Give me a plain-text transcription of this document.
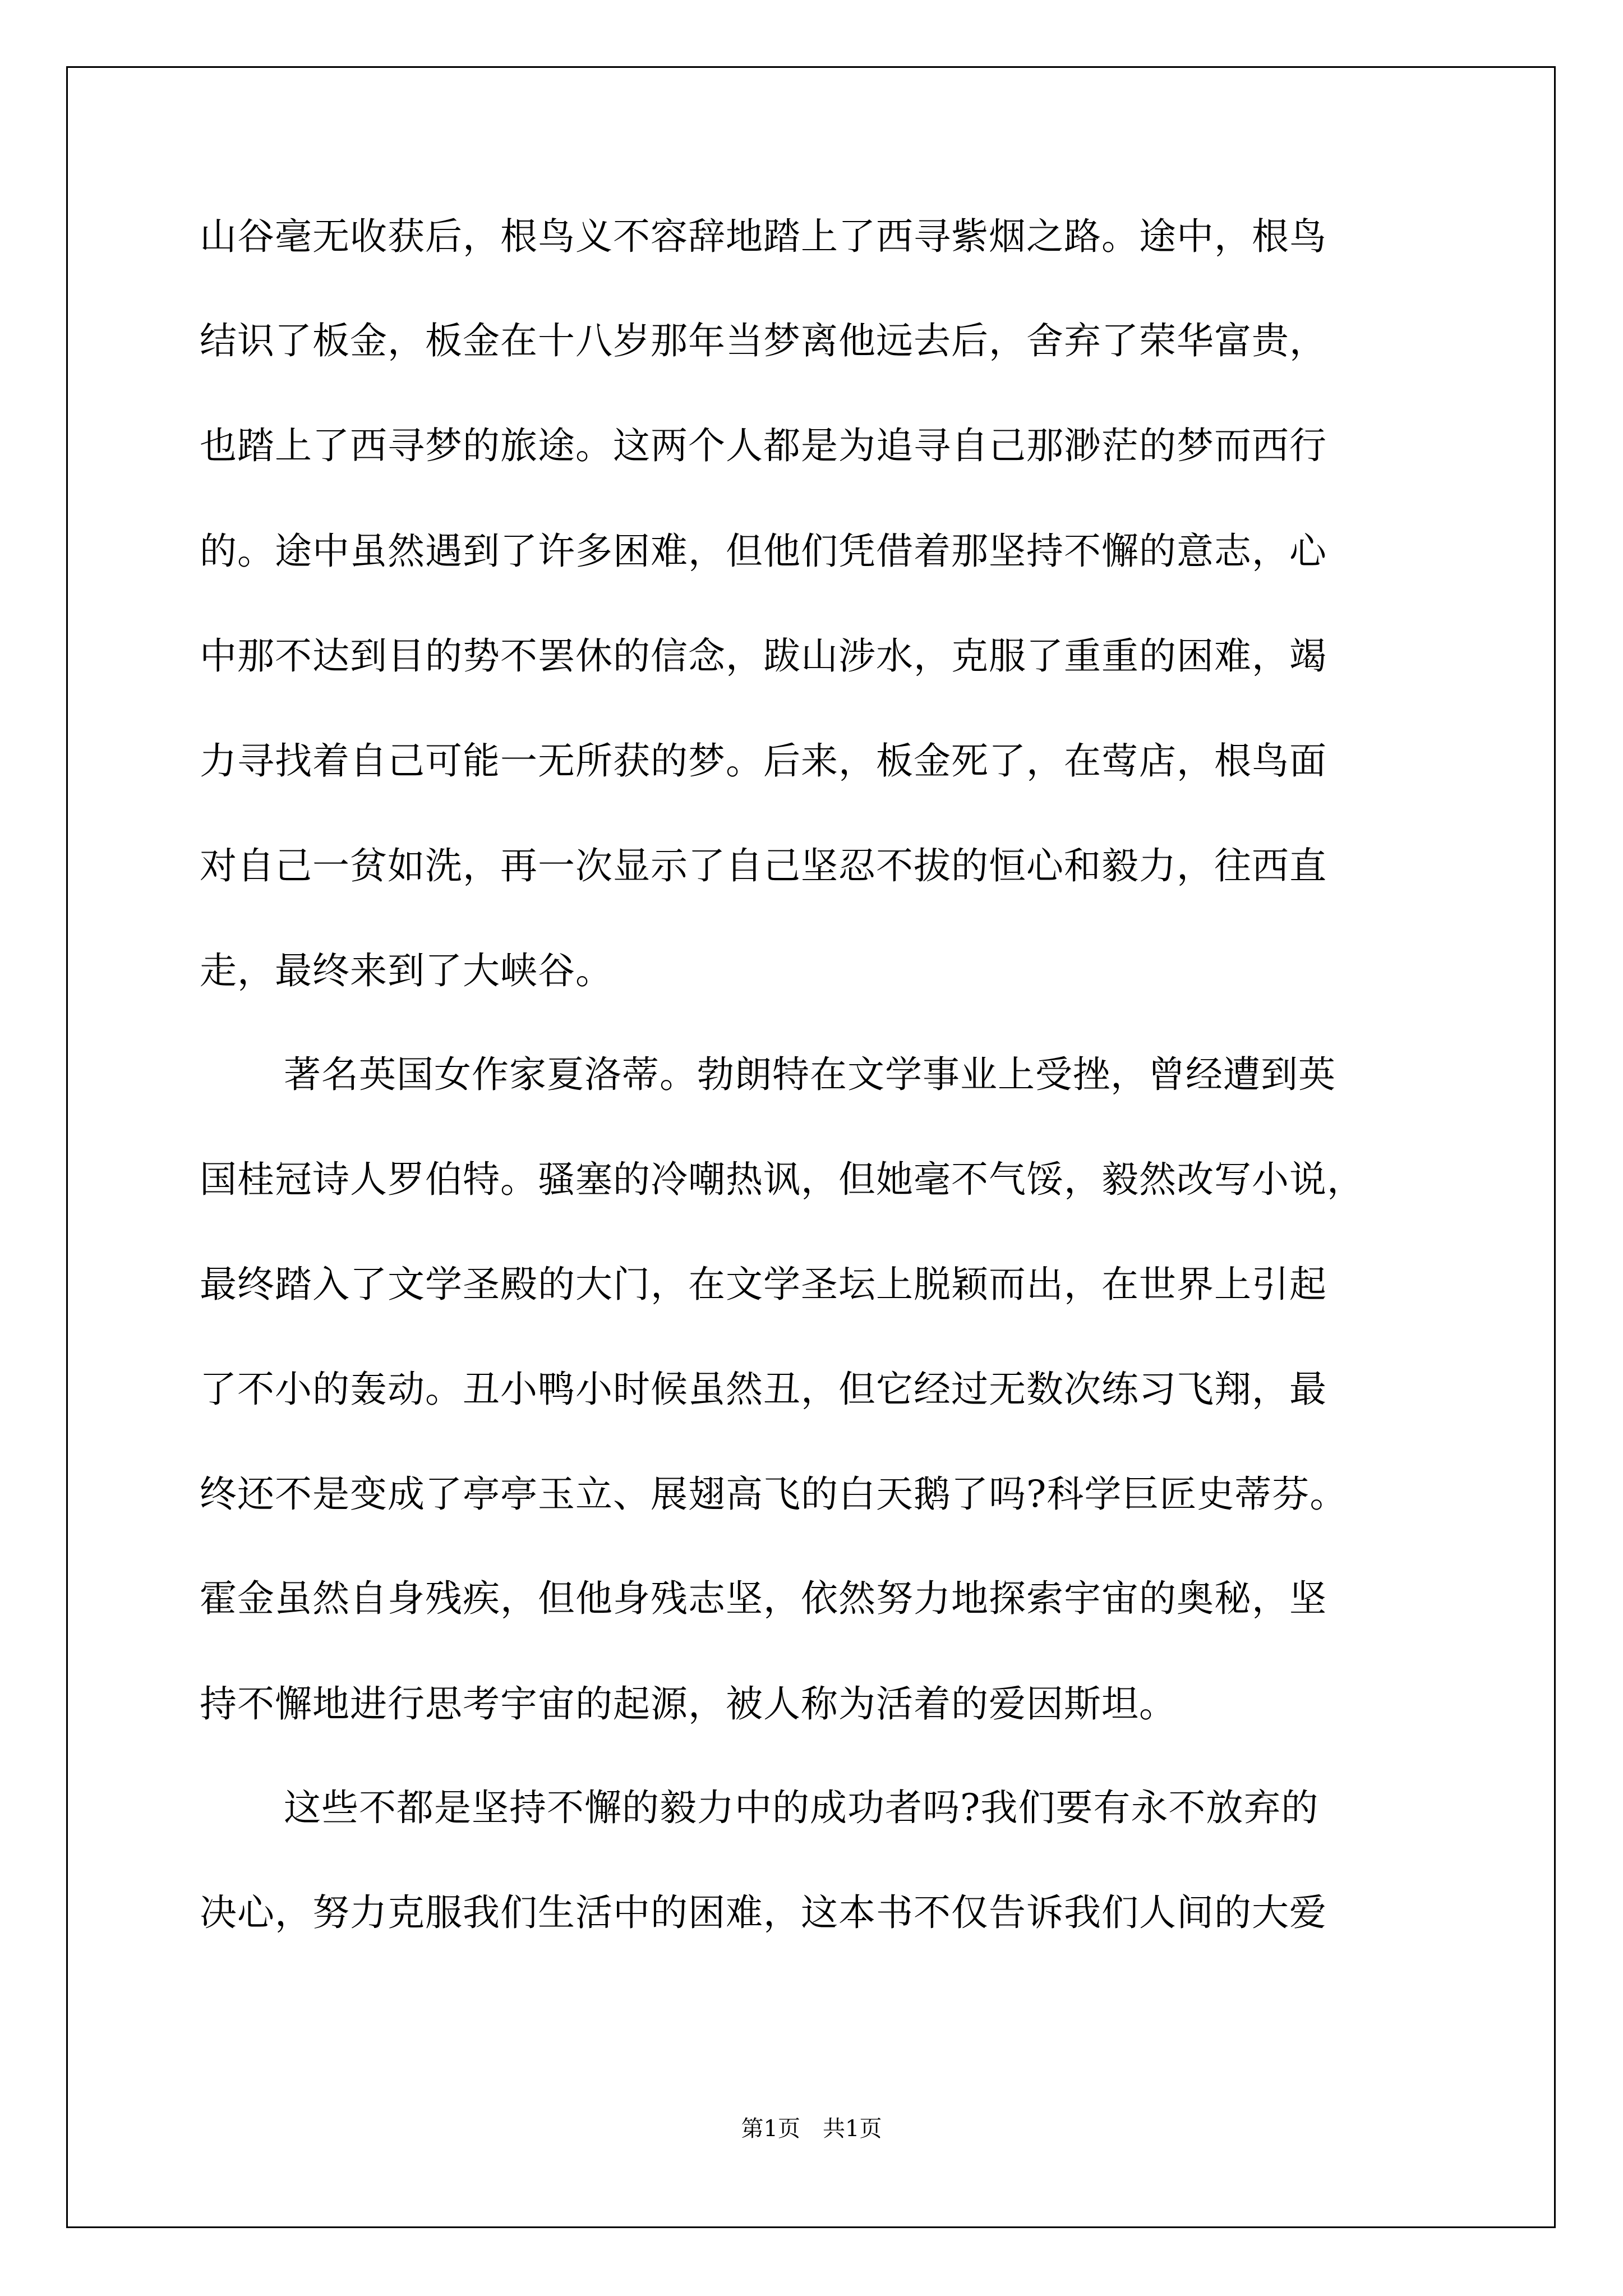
山谷毫无收获后，根鸟义不容辞地踏上了西寻紫烟之路。途中，根鸟
结识了板金，板金在十八岁那年当梦离他远去后，舍弃了荣华富贵，
也踏上了西寻梦的旅途。这两个人都是为追寻自己那渺茫的梦而西行
的。途中虽然遇到了许多困难，但他们凭借着那坚持不懈的意志，心
中那不达到目的势不罢休的信念，跋山涉水，克服了重重的困难，竭
力寻找着自己可能一无所获的梦。后来，板金死了，在莺店，根鸟面
对自己一贫如洗，再一次显示了自己坚忍不拔的恒心和毅力，往西直
走，最终来到了大峡谷。
著名英国女作家夏洛蒂。勃朗特在文学事业上受挫，曾经遭到英
国桂冠诗人罗伯特。骚塞的冷嘲热讽，但她毫不气馁，毅然改写小说，
最终踏入了文学圣殿的大门，在文学圣坛上脱颖而出，在世界上引起
了不小的轰动。丑小鸭小时候虽然丑，但它经过无数次练习飞翔，最
终还不是变成了亭亭玉立、展翅高飞的白天鹅了吗?科学巨匠史蒂芬。
霍金虽然自身残疾，但他身残志坚，依然努力地探索宇宙的奥秘，坚
持不懈地进行思考宇宙的起源，被人称为活着的爱因斯坦。
这些不都是坚持不懈的毅力中的成功者吗?我们要有永不放弃的
决心，努力克服我们生活中的困难，这本书不仅告诉我们人间的大爱
第1页　共1页
